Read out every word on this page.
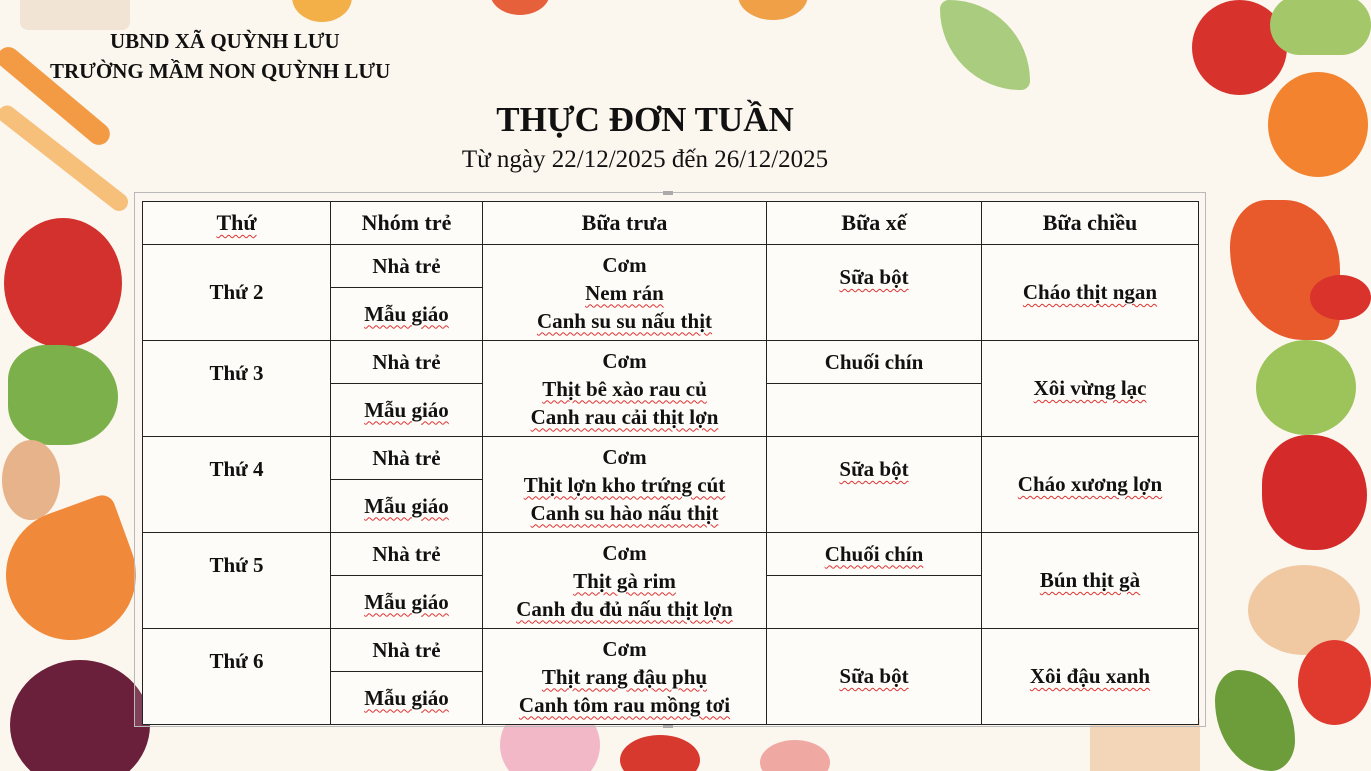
UBND XÃ QUỲNH LƯU
TRƯỜNG MẦM NON QUỲNH LƯU
THỰC ĐƠN TUẦN
Từ ngày 22/12/2025 đến 26/12/2025
Thứ	Nhóm trẻ	Bữa trưa	Bữa xế	Bữa chiều
Thứ 2	Nhà trẻ	Cơm
Nem rán
Canh su su nấu thịt	Sữa bột	Cháo thịt ngan
	Mẫu giáo			
Thứ 3	Nhà trẻ	Cơm
Thịt bê xào rau củ
Canh rau cải thịt lợn	Chuối chín	Xôi vừng lạc
	Mẫu giáo			
Thứ 4	Nhà trẻ	Cơm
Thịt lợn kho trứng cút
Canh su hào nấu thịt	Sữa bột	Cháo xương lợn
	Mẫu giáo			
Thứ 5	Nhà trẻ	Cơm
Thịt gà rim
Canh đu đủ nấu thịt lợn	Chuối chín	Bún thịt gà
	Mẫu giáo			
Thứ 6	Nhà trẻ	Cơm
Thịt rang đậu phụ
Canh tôm rau mồng tơi	Sữa bột	Xôi đậu xanh
	Mẫu giáo			
